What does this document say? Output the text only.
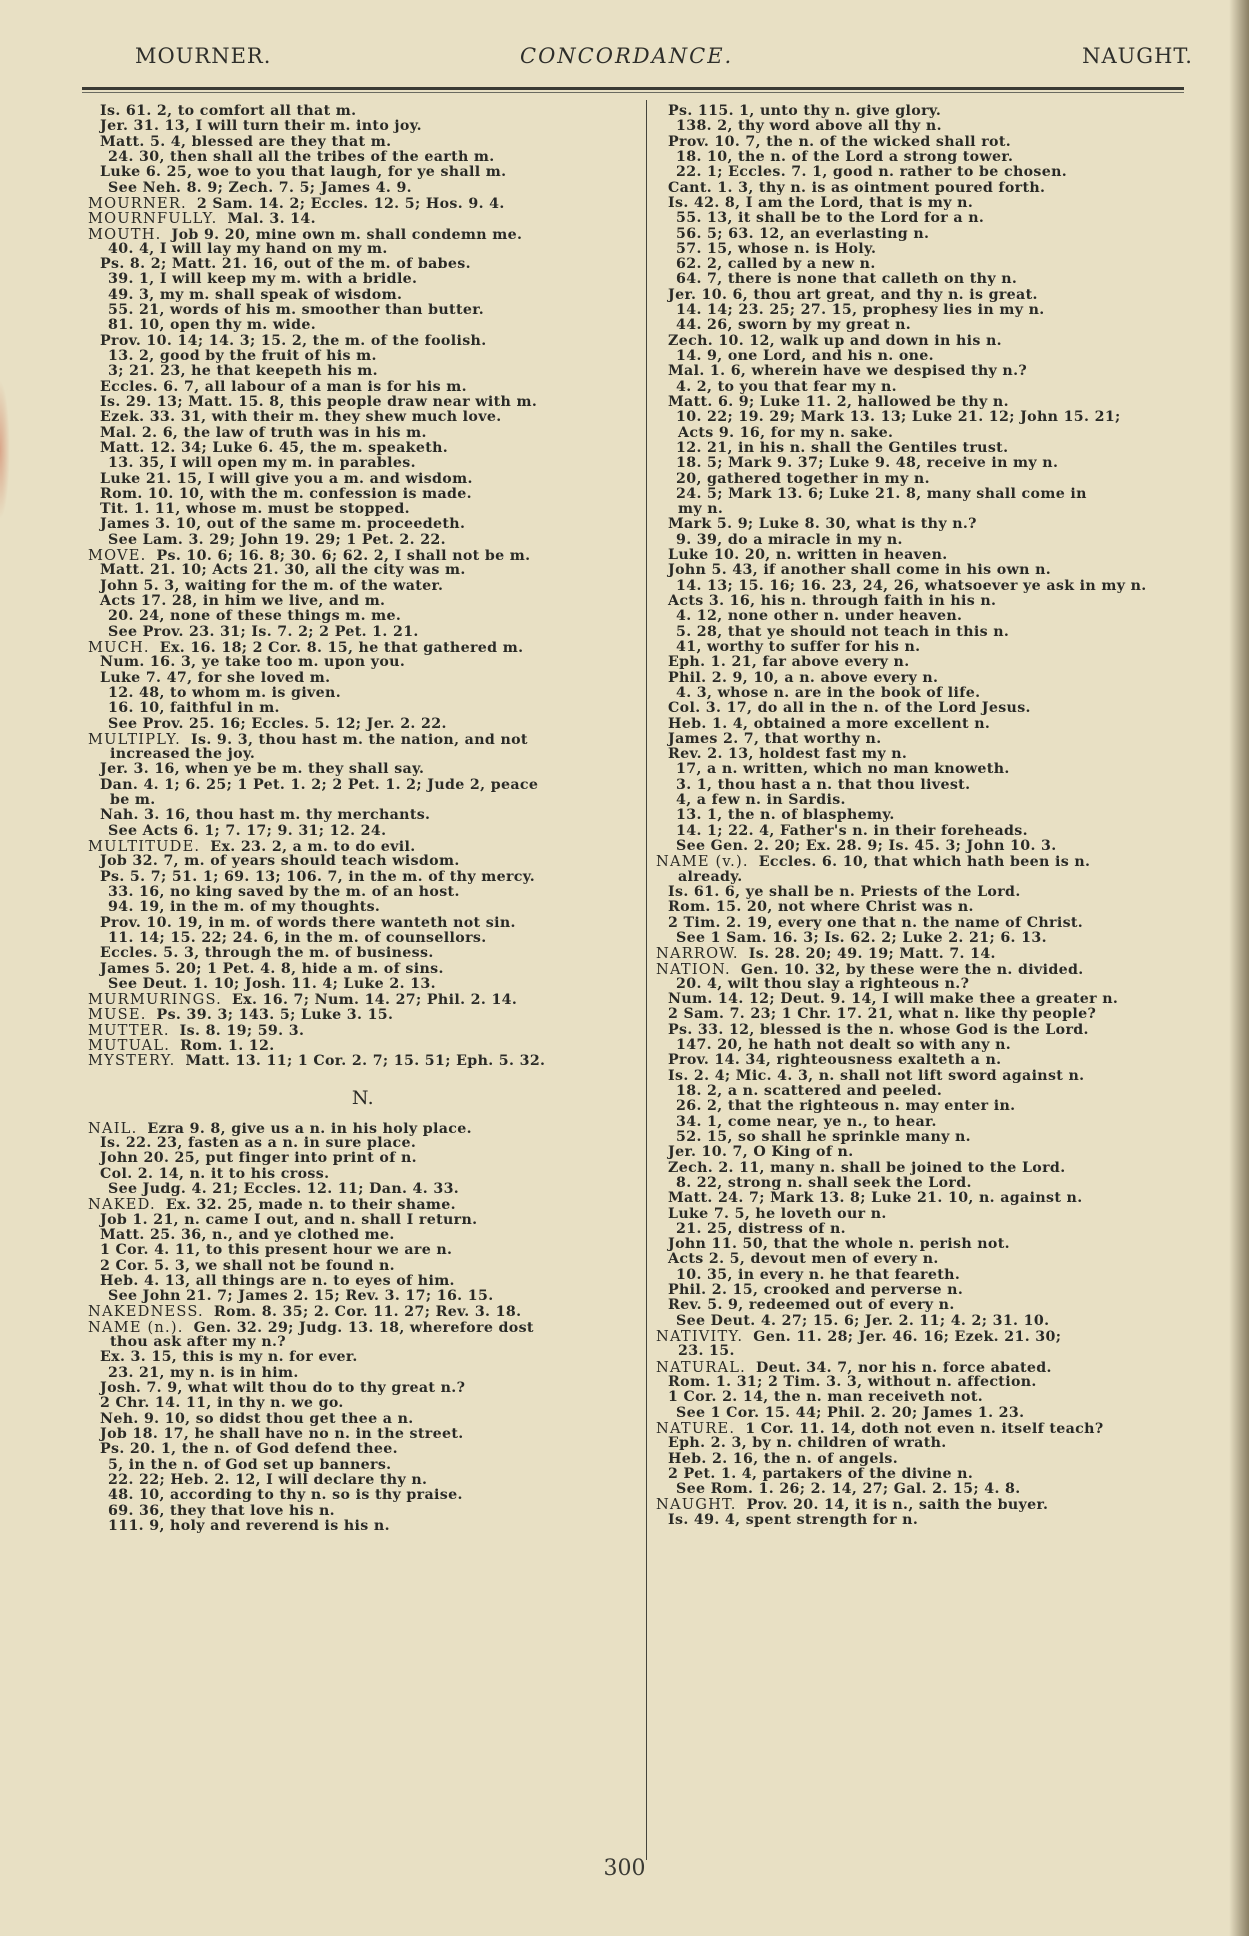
MOURNER.	CONCORDANCE.	NAUGHT.
Is. 61. 2, to comfort all that m.
Jer. 31. 13, I will turn their m. into joy.
Matt. 5. 4, blessed are they that m.
24. 30, then shall all the tribes of the earth m.
Luke 6. 25, woe to you that laugh, for ye shall m.
See Neh. 8. 9; Zech. 7. 5; James 4. 9.
MOURNER. 2 Sam. 14. 2; Eccles. 12. 5; Hos. 9. 4.
MOURNFULLY. Mal. 3. 14.
MOUTH. Job 9. 20, mine own m. shall condemn me.
40. 4, I will lay my hand on my m.
Ps. 8. 2; Matt. 21. 16, out of the m. of babes.
39. 1, I will keep my m. with a bridle.
49. 3, my m. shall speak of wisdom.
55. 21, words of his m. smoother than butter.
81. 10, open thy m. wide.
Prov. 10. 14; 14. 3; 15. 2, the m. of the foolish.
13. 2, good by the fruit of his m.
3; 21. 23, he that keepeth his m.
Eccles. 6. 7, all labour of a man is for his m.
Is. 29. 13; Matt. 15. 8, this people draw near with m.
Ezek. 33. 31, with their m. they shew much love.
Mal. 2. 6, the law of truth was in his m.
Matt. 12. 34; Luke 6. 45, the m. speaketh.
13. 35, I will open my m. in parables.
Luke 21. 15, I will give you a m. and wisdom.
Rom. 10. 10, with the m. confession is made.
Tit. 1. 11, whose m. must be stopped.
James 3. 10, out of the same m. proceedeth.
See Lam. 3. 29; John 19. 29; 1 Pet. 2. 22.
MOVE. Ps. 10. 6; 16. 8; 30. 6; 62. 2, I shall not be m.
Matt. 21. 10; Acts 21. 30, all the city was m.
John 5. 3, waiting for the m. of the water.
Acts 17. 28, in him we live, and m.
20. 24, none of these things m. me.
See Prov. 23. 31; Is. 7. 2; 2 Pet. 1. 21.
MUCH. Ex. 16. 18; 2 Cor. 8. 15, he that gathered m.
Num. 16. 3, ye take too m. upon you.
Luke 7. 47, for she loved m.
12. 48, to whom m. is given.
16. 10, faithful in m.
See Prov. 25. 16; Eccles. 5. 12; Jer. 2. 22.
MULTIPLY. Is. 9. 3, thou hast m. the nation, and not
increased the joy.
Jer. 3. 16, when ye be m. they shall say.
Dan. 4. 1; 6. 25; 1 Pet. 1. 2; 2 Pet. 1. 2; Jude 2, peace
be m.
Nah. 3. 16, thou hast m. thy merchants.
See Acts 6. 1; 7. 17; 9. 31; 12. 24.
MULTITUDE. Ex. 23. 2, a m. to do evil.
Job 32. 7, m. of years should teach wisdom.
Ps. 5. 7; 51. 1; 69. 13; 106. 7, in the m. of thy mercy.
33. 16, no king saved by the m. of an host.
94. 19, in the m. of my thoughts.
Prov. 10. 19, in m. of words there wanteth not sin.
11. 14; 15. 22; 24. 6, in the m. of counsellors.
Eccles. 5. 3, through the m. of business.
James 5. 20; 1 Pet. 4. 8, hide a m. of sins.
See Deut. 1. 10; Josh. 11. 4; Luke 2. 13.
MURMURINGS. Ex. 16. 7; Num. 14. 27; Phil. 2. 14.
MUSE. Ps. 39. 3; 143. 5; Luke 3. 15.
MUTTER. Is. 8. 19; 59. 3.
MUTUAL. Rom. 1. 12.
MYSTERY. Matt. 13. 11; 1 Cor. 2. 7; 15. 51; Eph. 5. 32.
N.
NAIL. Ezra 9. 8, give us a n. in his holy place.
Is. 22. 23, fasten as a n. in sure place.
John 20. 25, put finger into print of n.
Col. 2. 14, n. it to his cross.
See Judg. 4. 21; Eccles. 12. 11; Dan. 4. 33.
NAKED. Ex. 32. 25, made n. to their shame.
Job 1. 21, n. came I out, and n. shall I return.
Matt. 25. 36, n., and ye clothed me.
1 Cor. 4. 11, to this present hour we are n.
2 Cor. 5. 3, we shall not be found n.
Heb. 4. 13, all things are n. to eyes of him.
See John 21. 7; James 2. 15; Rev. 3. 17; 16. 15.
NAKEDNESS. Rom. 8. 35; 2. Cor. 11. 27; Rev. 3. 18.
NAME (n.). Gen. 32. 29; Judg. 13. 18, wherefore dost
thou ask after my n.?
Ex. 3. 15, this is my n. for ever.
23. 21, my n. is in him.
Josh. 7. 9, what wilt thou do to thy great n.?
2 Chr. 14. 11, in thy n. we go.
Neh. 9. 10, so didst thou get thee a n.
Job 18. 17, he shall have no n. in the street.
Ps. 20. 1, the n. of God defend thee.
5, in the n. of God set up banners.
22. 22; Heb. 2. 12, I will declare thy n.
48. 10, according to thy n. so is thy praise.
69. 36, they that love his n.
111. 9, holy and reverend is his n.
Ps. 115. 1, unto thy n. give glory.
138. 2, thy word above all thy n.
Prov. 10. 7, the n. of the wicked shall rot.
18. 10, the n. of the Lord a strong tower.
22. 1; Eccles. 7. 1, good n. rather to be chosen.
Cant. 1. 3, thy n. is as ointment poured forth.
Is. 42. 8, I am the Lord, that is my n.
55. 13, it shall be to the Lord for a n.
56. 5; 63. 12, an everlasting n.
57. 15, whose n. is Holy.
62. 2, called by a new n.
64. 7, there is none that calleth on thy n.
Jer. 10. 6, thou art great, and thy n. is great.
14. 14; 23. 25; 27. 15, prophesy lies in my n.
44. 26, sworn by my great n.
Zech. 10. 12, walk up and down in his n.
14. 9, one Lord, and his n. one.
Mal. 1. 6, wherein have we despised thy n.?
4. 2, to you that fear my n.
Matt. 6. 9; Luke 11. 2, hallowed be thy n.
10. 22; 19. 29; Mark 13. 13; Luke 21. 12; John 15. 21;
Acts 9. 16, for my n. sake.
12. 21, in his n. shall the Gentiles trust.
18. 5; Mark 9. 37; Luke 9. 48, receive in my n.
20, gathered together in my n.
24. 5; Mark 13. 6; Luke 21. 8, many shall come in
my n.
Mark 5. 9; Luke 8. 30, what is thy n.?
9. 39, do a miracle in my n.
Luke 10. 20, n. written in heaven.
John 5. 43, if another shall come in his own n.
14. 13; 15. 16; 16. 23, 24, 26, whatsoever ye ask in my n.
Acts 3. 16, his n. through faith in his n.
4. 12, none other n. under heaven.
5. 28, that ye should not teach in this n.
41, worthy to suffer for his n.
Eph. 1. 21, far above every n.
Phil. 2. 9, 10, a n. above every n.
4. 3, whose n. are in the book of life.
Col. 3. 17, do all in the n. of the Lord Jesus.
Heb. 1. 4, obtained a more excellent n.
James 2. 7, that worthy n.
Rev. 2. 13, holdest fast my n.
17, a n. written, which no man knoweth.
3. 1, thou hast a n. that thou livest.
4, a few n. in Sardis.
13. 1, the n. of blasphemy.
14. 1; 22. 4, Father's n. in their foreheads.
See Gen. 2. 20; Ex. 28. 9; Is. 45. 3; John 10. 3.
NAME (v.). Eccles. 6. 10, that which hath been is n.
already.
Is. 61. 6, ye shall be n. Priests of the Lord.
Rom. 15. 20, not where Christ was n.
2 Tim. 2. 19, every one that n. the name of Christ.
See 1 Sam. 16. 3; Is. 62. 2; Luke 2. 21; 6. 13.
NARROW. Is. 28. 20; 49. 19; Matt. 7. 14.
NATION. Gen. 10. 32, by these were the n. divided.
20. 4, wilt thou slay a righteous n.?
Num. 14. 12; Deut. 9. 14, I will make thee a greater n.
2 Sam. 7. 23; 1 Chr. 17. 21, what n. like thy people?
Ps. 33. 12, blessed is the n. whose God is the Lord.
147. 20, he hath not dealt so with any n.
Prov. 14. 34, righteousness exalteth a n.
Is. 2. 4; Mic. 4. 3, n. shall not lift sword against n.
18. 2, a n. scattered and peeled.
26. 2, that the righteous n. may enter in.
34. 1, come near, ye n., to hear.
52. 15, so shall he sprinkle many n.
Jer. 10. 7, O King of n.
Zech. 2. 11, many n. shall be joined to the Lord.
8. 22, strong n. shall seek the Lord.
Matt. 24. 7; Mark 13. 8; Luke 21. 10, n. against n.
Luke 7. 5, he loveth our n.
21. 25, distress of n.
John 11. 50, that the whole n. perish not.
Acts 2. 5, devout men of every n.
10. 35, in every n. he that feareth.
Phil. 2. 15, crooked and perverse n.
Rev. 5. 9, redeemed out of every n.
See Deut. 4. 27; 15. 6; Jer. 2. 11; 4. 2; 31. 10.
NATIVITY. Gen. 11. 28; Jer. 46. 16; Ezek. 21. 30;
23. 15.
NATURAL. Deut. 34. 7, nor his n. force abated.
Rom. 1. 31; 2 Tim. 3. 3, without n. affection.
1 Cor. 2. 14, the n. man receiveth not.
See 1 Cor. 15. 44; Phil. 2. 20; James 1. 23.
NATURE. 1 Cor. 11. 14, doth not even n. itself teach?
Eph. 2. 3, by n. children of wrath.
Heb. 2. 16, the n. of angels.
2 Pet. 1. 4, partakers of the divine n.
See Rom. 1. 26; 2. 14, 27; Gal. 2. 15; 4. 8.
NAUGHT. Prov. 20. 14, it is n., saith the buyer.
Is. 49. 4, spent strength for n.
300
